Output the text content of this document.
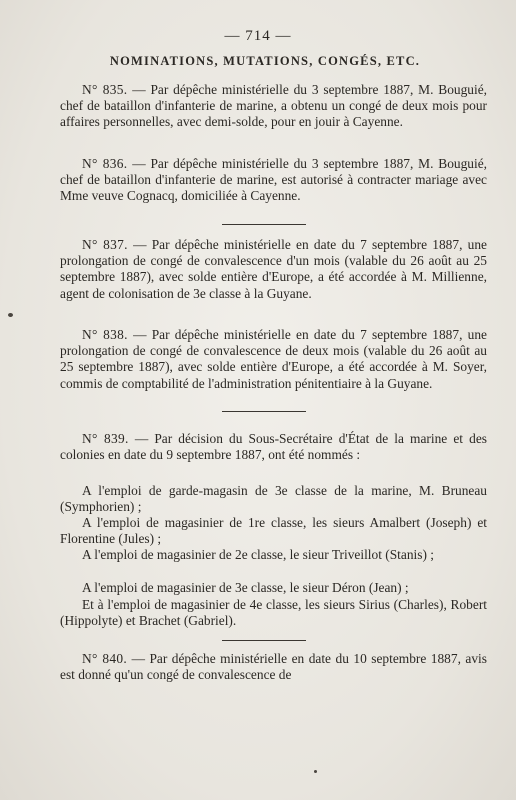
— 714 —
NOMINATIONS, MUTATIONS, CONGÉS, ETC.

N° 835. — Par dépêche ministérielle du 3 septembre 1887, M. Bouguié, chef de bataillon d'infanterie de marine, a obtenu un congé de deux mois pour affaires personnelles, avec demi-solde, pour en jouir à Cayenne.

N° 836. — Par dépêche ministérielle du 3 septembre 1887, M. Bouguié, chef de bataillon d'infanterie de marine, est autorisé à contracter mariage avec Mme veuve Cognacq, domiciliée à Cayenne.

N° 837. — Par dépêche ministérielle en date du 7 septembre 1887, une prolongation de congé de convalescence d'un mois (valable du 26 août au 25 septembre 1887), avec solde entière d'Europe, a été accordée à M. Millienne, agent de colonisation de 3e classe à la Guyane.

N° 838. — Par dépêche ministérielle en date du 7 septembre 1887, une prolongation de congé de convalescence de deux mois (valable du 26 août au 25 septembre 1887), avec solde entière d'Europe, a été accordée à M. Soyer, commis de comptabilité de l'administration pénitentiaire à la Guyane.

N° 839. — Par décision du Sous-Secrétaire d'État de la marine et des colonies en date du 9 septembre 1887, ont été nommés :

A l'emploi de garde-magasin de 3e classe de la marine, M. Bruneau (Symphorien) ;

A l'emploi de magasinier de 1re classe, les sieurs Amalbert (Joseph) et Florentine (Jules) ;

A l'emploi de magasinier de 2e classe, le sieur Triveillot (Stanis) ;

A l'emploi de magasinier de 3e classe, le sieur Déron (Jean) ;

Et à l'emploi de magasinier de 4e classe, les sieurs Sirius (Charles), Robert (Hippolyte) et Brachet (Gabriel).

N° 840. — Par dépêche ministérielle en date du 10 septembre 1887, avis est donné qu'un congé de convalescence de
